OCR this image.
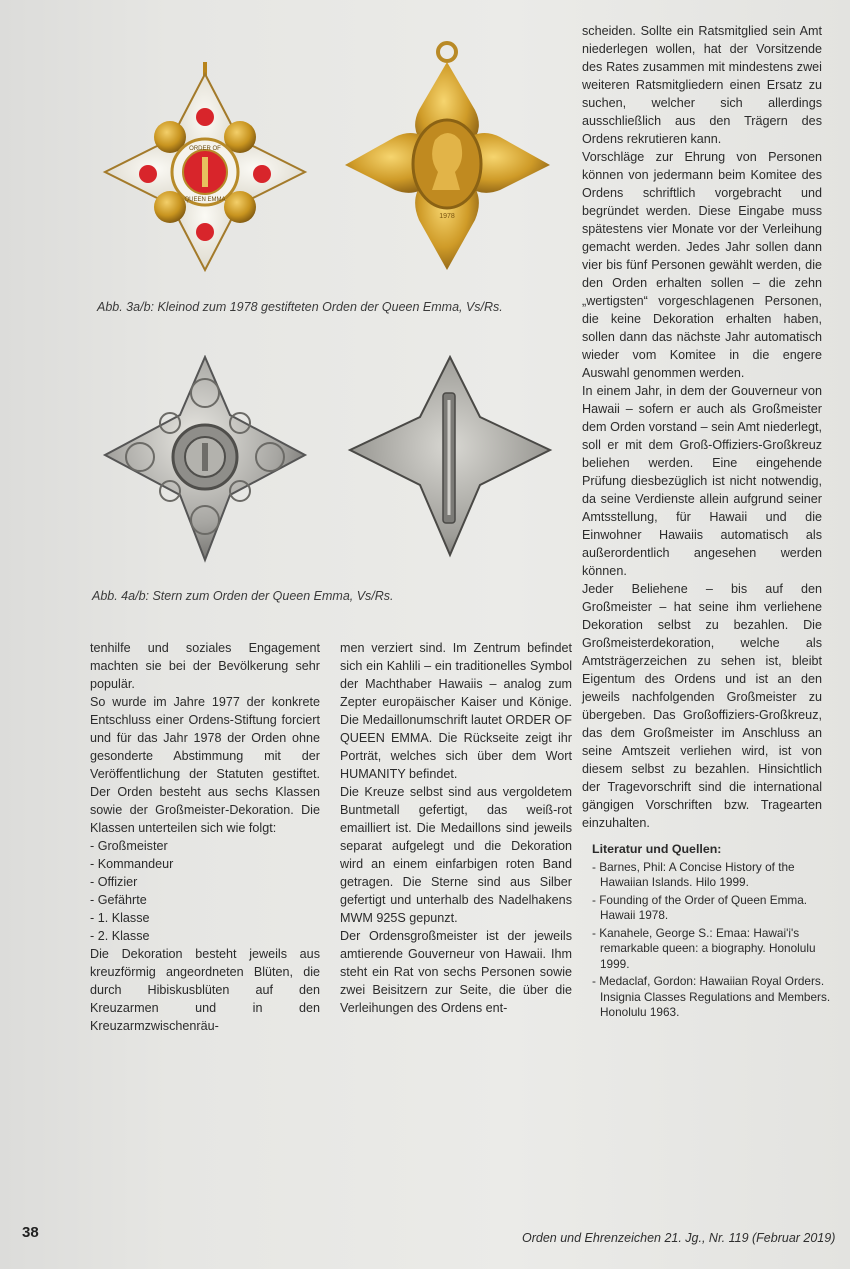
ORDER OF
QUEEN EMMA
1978
Abb. 3a/b: Kleinod zum 1978 gestifteten Orden der Queen Emma, Vs/Rs.
Abb. 4a/b: Stern zum Orden der Queen Emma, Vs/Rs.

tenhilfe und soziales Engagement machten sie bei der Bevölkerung sehr populär.

So wurde im Jahre 1977 der konkrete Entschluss einer Ordens-Stiftung forciert und für das Jahr 1978 der Orden ohne gesonderte Abstimmung mit der Veröffentlichung der Statuten gestiftet. Der Orden besteht aus sechs Klassen sowie der Großmeister-Dekoration. Die Klassen unterteilen sich wie folgt:

- Großmeister
- Kommandeur
- Offizier
- Gefährte
- 1. Klasse
- 2. Klasse

Die Dekoration besteht jeweils aus kreuzförmig angeordneten Blüten, die durch Hibiskusblüten auf den Kreuzarmen und in den Kreuzarmzwischenräu-

men verziert sind. Im Zentrum befindet sich ein Kahlili – ein traditionelles Symbol der Machthaber Hawaiis – analog zum Zepter europäischer Kaiser und Könige. Die Medaillonumschrift lautet ORDER OF QUEEN EMMA. Die Rückseite zeigt ihr Porträt, welches sich über dem Wort HUMANITY befindet.

Die Kreuze selbst sind aus vergoldetem Buntmetall gefertigt, das weiß-rot emailliert ist. Die Medaillons sind jeweils separat aufgelegt und die Dekoration wird an einem einfarbigen roten Band getragen. Die Sterne sind aus Silber gefertigt und unterhalb des Nadelhakens MWM 925S gepunzt.

Der Ordensgroßmeister ist der jeweils amtierende Gouverneur von Hawaii. Ihm steht ein Rat von sechs Personen sowie zwei Beisitzern zur Seite, die über die Verleihungen des Ordens ent-

scheiden. Sollte ein Ratsmitglied sein Amt niederlegen wollen, hat der Vorsitzende des Rates zusammen mit mindestens zwei weiteren Ratsmitgliedern einen Ersatz zu suchen, welcher sich allerdings ausschließlich aus den Trägern des Ordens rekrutieren kann.

Vorschläge zur Ehrung von Personen können von jedermann beim Komitee des Ordens schriftlich vorgebracht und begründet werden. Diese Eingabe muss spätestens vier Monate vor der Verleihung gemacht werden. Jedes Jahr sollen dann vier bis fünf Personen gewählt werden, die den Orden erhalten sollen – die zehn „wertigsten“ vorgeschlagenen Personen, die keine Dekoration erhalten haben, sollen dann das nächste Jahr automatisch wieder vom Komitee in die engere Auswahl genommen werden.

In einem Jahr, in dem der Gouverneur von Hawaii – sofern er auch als Großmeister dem Orden vorstand – sein Amt niederlegt, soll er mit dem Groß-Offiziers-Großkreuz beliehen werden. Eine eingehende Prüfung diesbezüglich ist nicht notwendig, da seine Verdienste allein aufgrund seiner Amtsstellung, für Hawaii und die Einwohner Hawaiis automatisch als außerordentlich angesehen werden können.

Jeder Beliehene – bis auf den Großmeister – hat seine ihm verliehene Dekoration selbst zu bezahlen. Die Großmeisterdekoration, welche als Amtsträgerzeichen zu sehen ist, bleibt Eigentum des Ordens und ist an den jeweils nachfolgenden Großmeister zu übergeben. Das Großoffiziers-Großkreuz, das dem Großmeister im Anschluss an seine Amtszeit verliehen wird, ist von diesem selbst zu bezahlen. Hinsichtlich der Tragevorschrift sind die international gängigen Vorschriften bzw. Tragearten einzuhalten.

Literatur und Quellen:
- Barnes, Phil: A Concise History of the Hawaiian Islands. Hilo 1999.
- Founding of the Order of Queen Emma. Hawaii 1978.
- Kanahele, George S.: Emaa: Hawai'i's remarkable queen: a biography. Honolulu 1999.
- Medaclaf, Gordon: Hawaiian Royal Orders. Insignia Classes Regulations and Members. Honolulu 1963.
38	Orden und Ehrenzeichen 21. Jg., Nr. 119 (Februar 2019)
